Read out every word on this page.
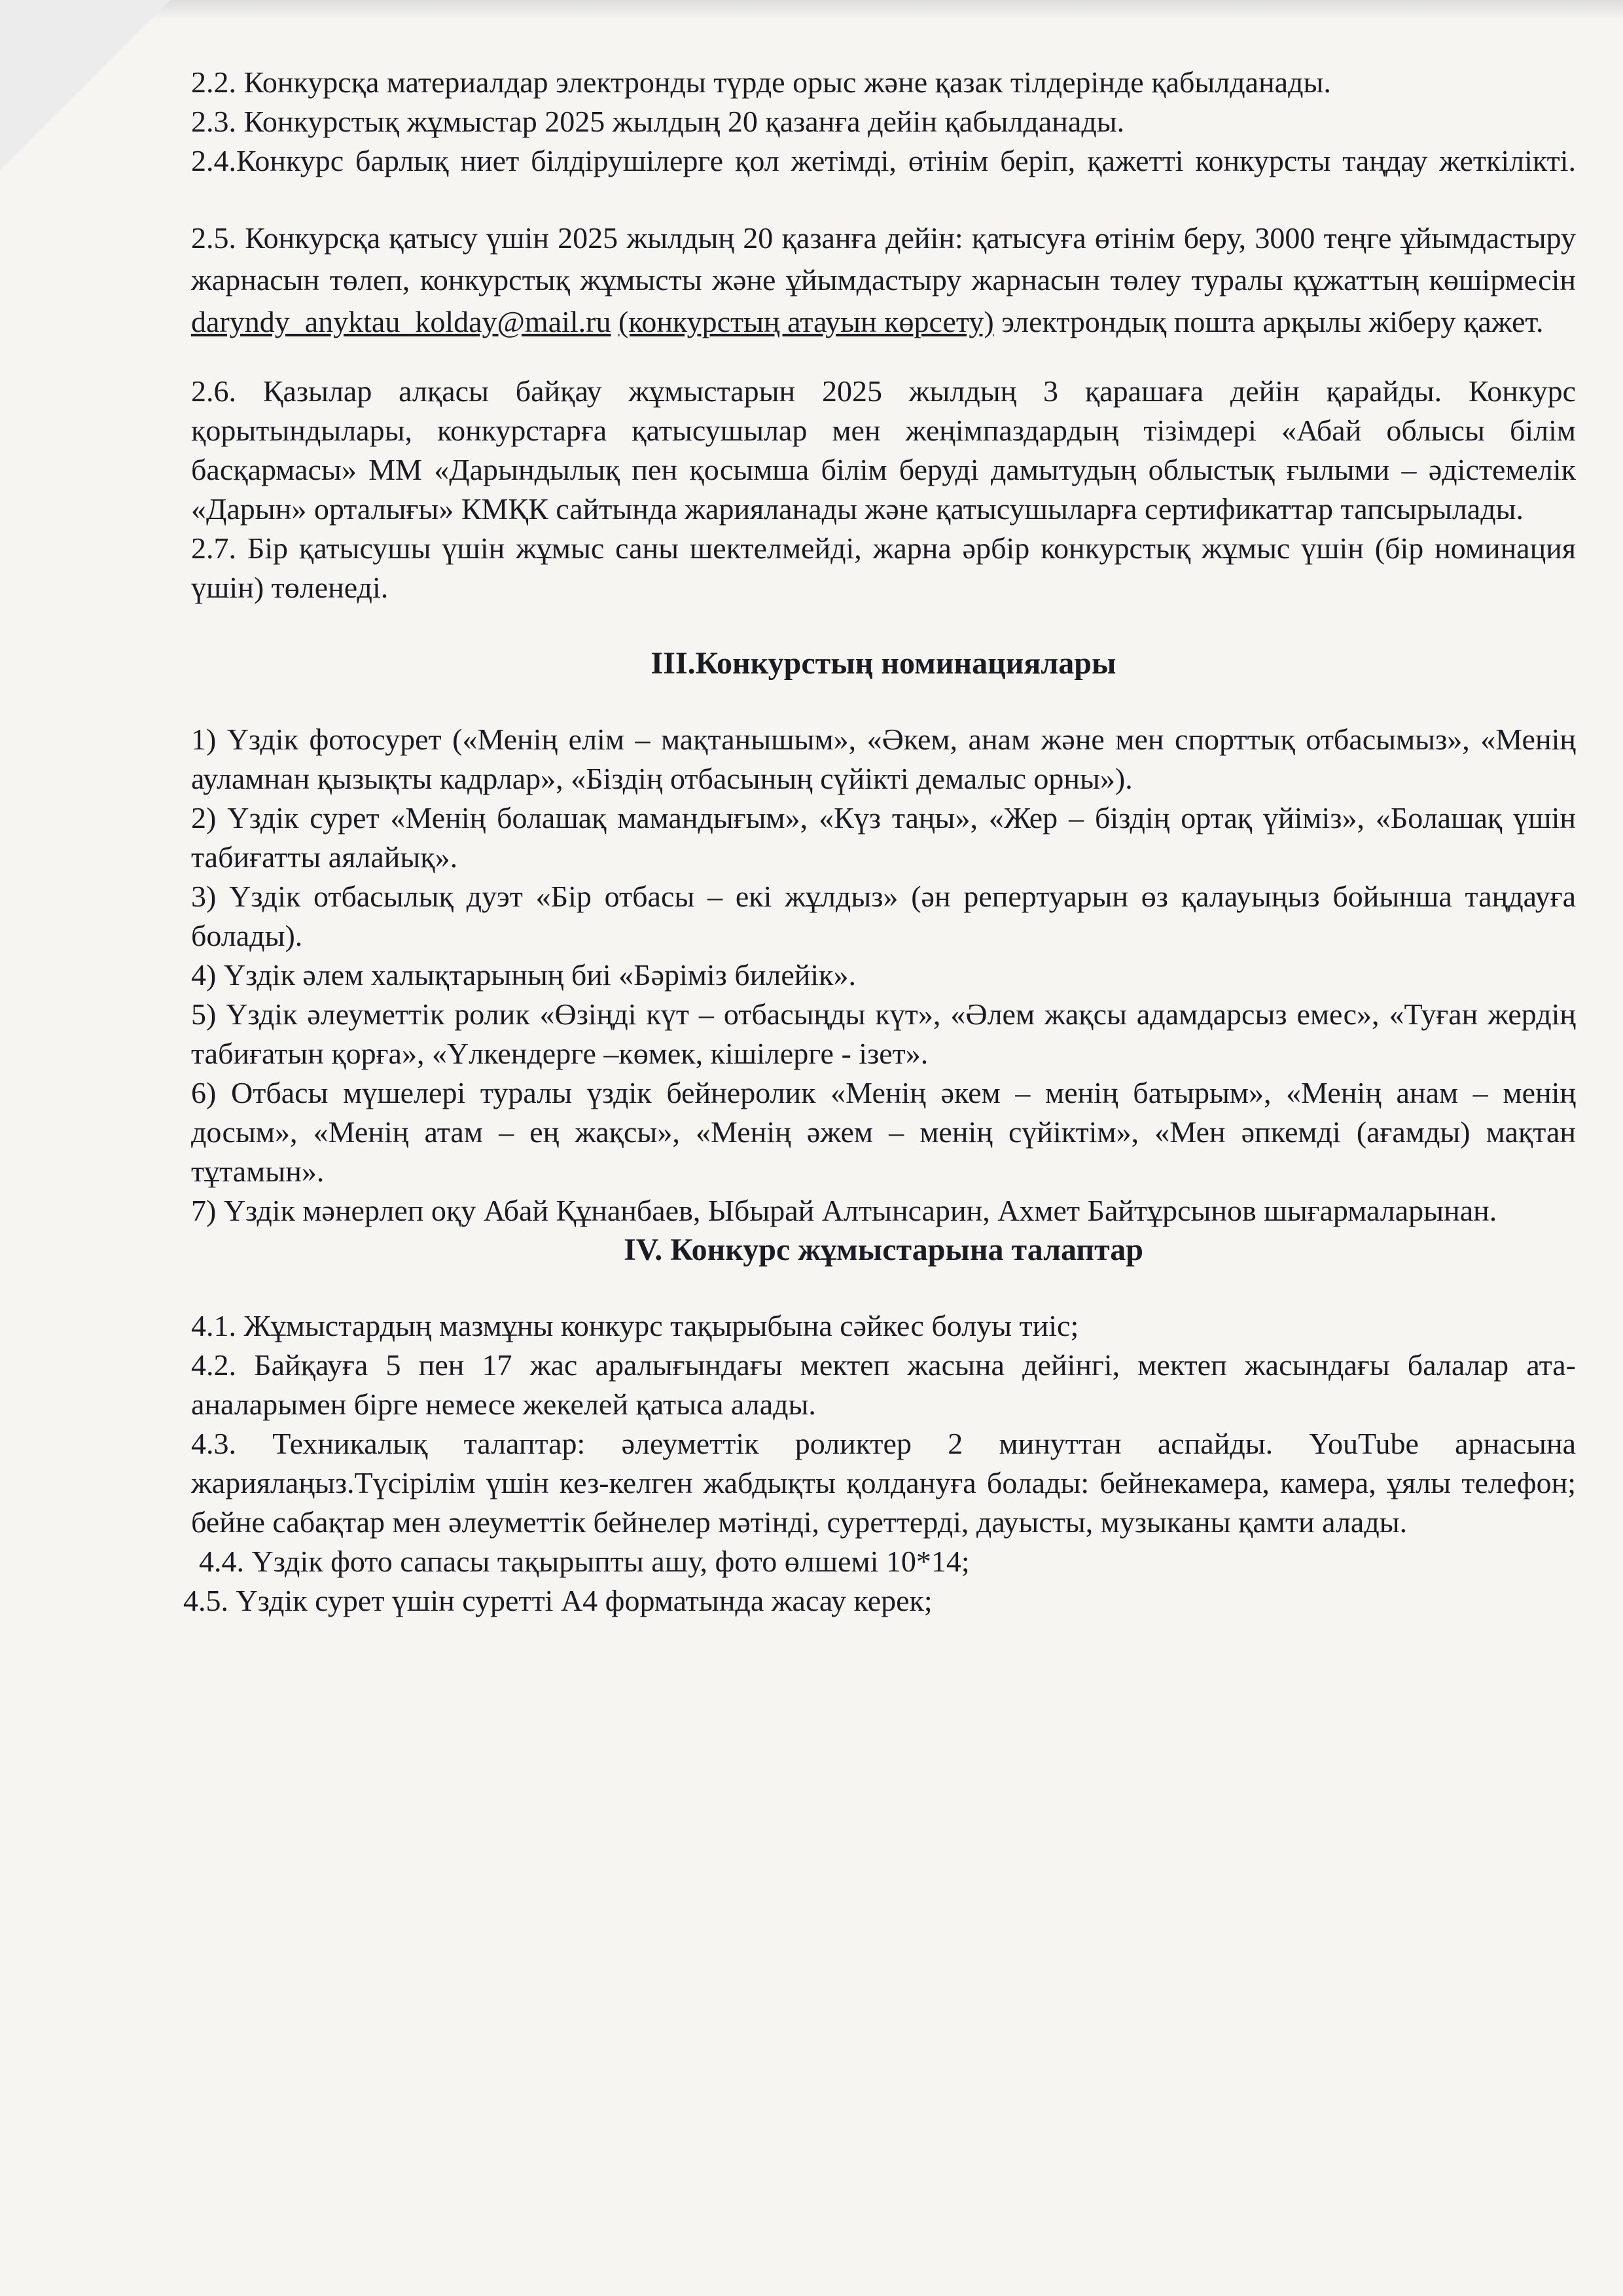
2.2. Конкурсқа материалдар электронды түрде орыс және қазак тілдерінде қабылданады.

2.3. Конкурстық жұмыстар 2025 жылдың 20 қазанға дейін қабылданады.

2.4.Конкурс барлық ниет білдірушілерге қол жетімді, өтінім беріп, қажетті конкурсты таңдау жеткілікті.

2.5. Конкурсқа қатысу үшін 2025 жылдың 20 қазанға дейін: қатысуға өтінім беру, 3000 теңге ұйымдастыру жарнасын төлеп, конкурстық жұмысты және ұйымдастыру жарнасын төлеу туралы құжаттың көшірмесін daryndy_anyktau_kolday@mail.ru (конкурстың атауын көрсету) электрондық пошта арқылы жіберу қажет.

2.6. Қазылар алқасы байқау жұмыстарын 2025 жылдың 3 қарашаға дейін қарайды. Конкурс қорытындылары, конкурстарға қатысушылар мен жеңімпаздардың тізімдері «Абай облысы білім басқармасы» ММ «Дарындылық пен қосымша білім беруді дамытудың облыстық ғылыми – әдістемелік «Дарын» орталығы» КМҚК сайтында жарияланады және қатысушыларға сертификаттар тапсырылады.

2.7. Бір қатысушы үшін жұмыс саны шектелмейді, жарна әрбір конкурстық жұмыс үшін (бір номинация үшін) төленеді.

III.Конкурстың номинациялары

1) Үздік фотосурет («Менің елім – мақтанышым», «Әкем, анам және мен спорттық отбасымыз», «Менің ауламнан қызықты кадрлар», «Біздің отбасының сүйікті демалыс орны»).

2) Үздік сурет «Менің болашақ мамандығым», «Күз таңы», «Жер – біздің ортақ үйіміз», «Болашақ үшін табиғатты аялайық».

3) Үздік отбасылық дуэт «Бір отбасы – екі жұлдыз» (ән репертуарын өз қалауыңыз бойынша таңдауға болады).

4) Үздік әлем халықтарының биі «Бәріміз билейік».

5) Үздік әлеуметтік ролик «Өзіңді күт – отбасыңды күт», «Әлем жақсы адамдарсыз емес», «Туған жердің табиғатын қорға», «Үлкендерге –көмек, кішілерге - ізет».

6) Отбасы мүшелері туралы үздік бейнеролик «Менің әкем – менің батырым», «Менің анам – менің досым», «Менің атам – ең жақсы», «Менің әжем – менің сүйіктім», «Мен әпкемді (ағамды) мақтан тұтамын».

7) Үздік мәнерлеп оқу Абай Құнанбаев, Ыбырай Алтынсарин, Ахмет Байтұрсынов шығармаларынан.

IV. Конкурс жұмыстарына талаптар

4.1. Жұмыстардың мазмұны конкурс тақырыбына сәйкес болуы тиіс;

4.2. Байқауға 5 пен 17 жас аралығындағы мектеп жасына дейінгі, мектеп жасындағы балалар ата-аналарымен бірге немесе жекелей қатыса алады.

4.3. Техникалық талаптар: әлеуметтік роликтер 2 минуттан аспайды. YouTube арнасына жариялаңыз.Түсірілім үшін кез-келген жабдықты қолдануға болады: бейнекамера, камера, ұялы телефон; бейне сабақтар мен әлеуметтік бейнелер мәтінді, суреттерді, дауысты, музыканы қамти алады.

4.4. Үздік фото сапасы тақырыпты ашу, фото өлшемі 10*14;

4.5. Үздік сурет үшін суретті А4 форматында жасау керек;
